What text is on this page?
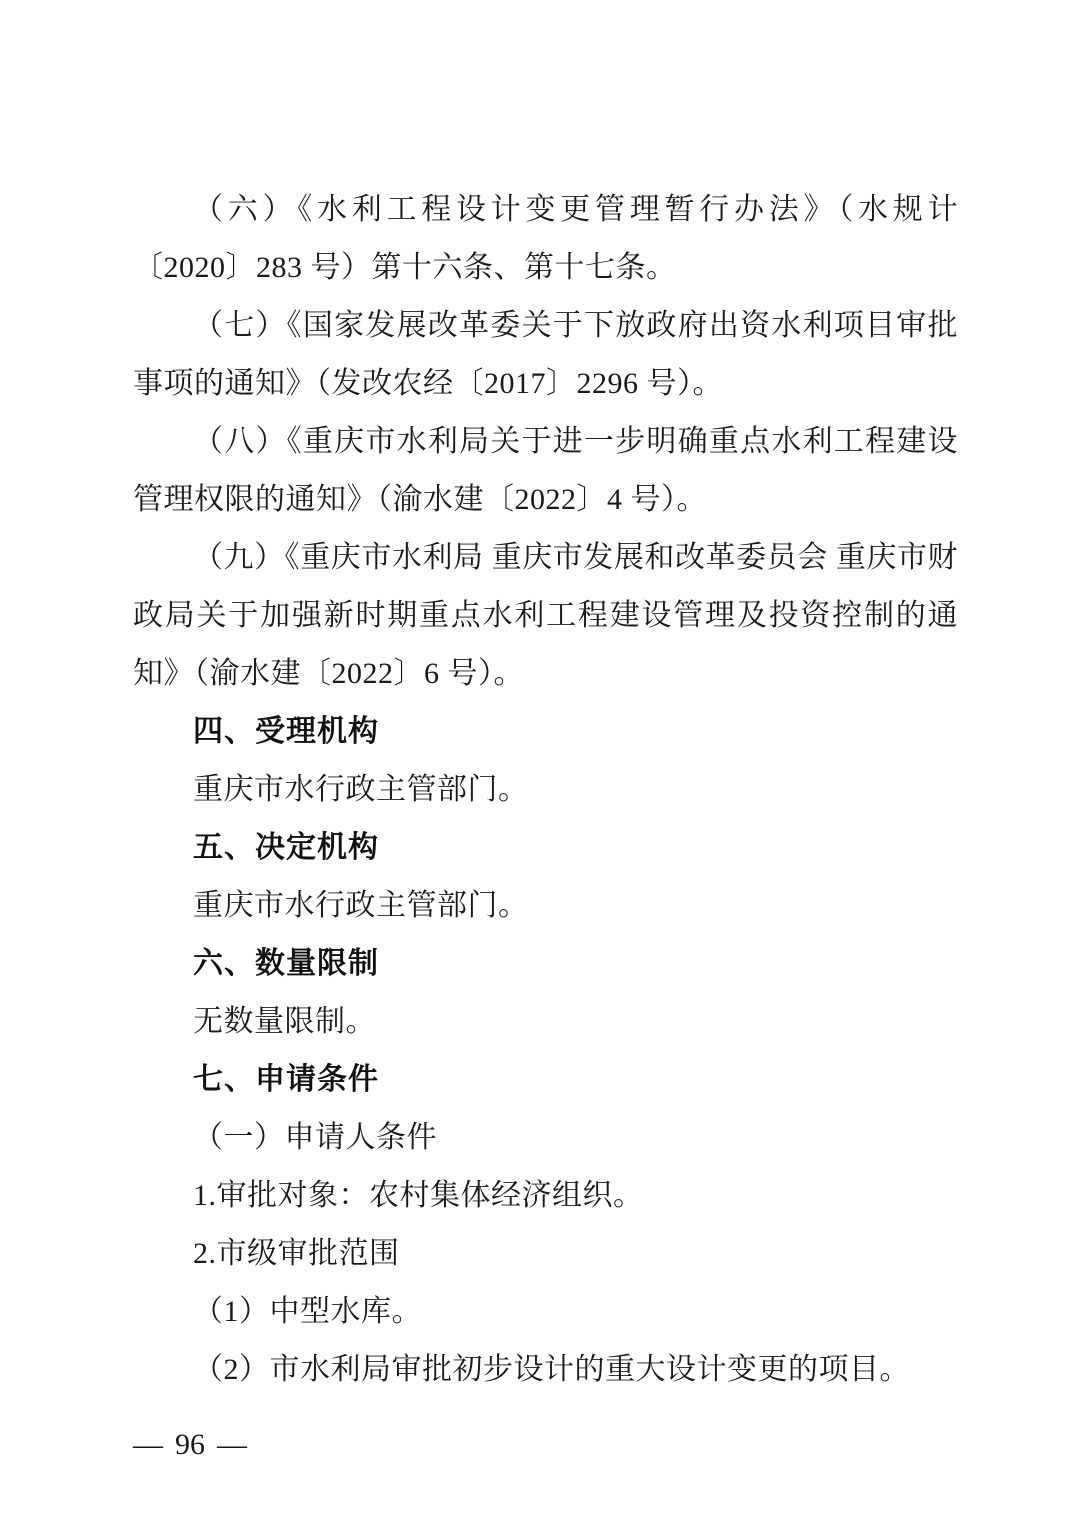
（六）《水利工程设计变更管理暂行办法》（水规计〔2020〕283 号）第十六条、第十七条。

（七）《国家发展改革委关于下放政府出资水利项目审批事项的通知》（发改农经〔2017〕2296 号）。

（八）《重庆市水利局关于进一步明确重点水利工程建设管理权限的通知》（渝水建〔2022〕4 号）。

（九）《重庆市水利局 重庆市发展和改革委员会 重庆市财政局关于加强新时期重点水利工程建设管理及投资控制的通知》（渝水建〔2022〕6 号）。

四、受理机构

重庆市水行政主管部门。

五、决定机构

重庆市水行政主管部门。

六、数量限制

无数量限制。

七、申请条件

（一）申请人条件

1.审批对象：农村集体经济组织。

2.市级审批范围

（1）中型水库。

（2）市水利局审批初步设计的重大设计变更的项目。

— 96 —
